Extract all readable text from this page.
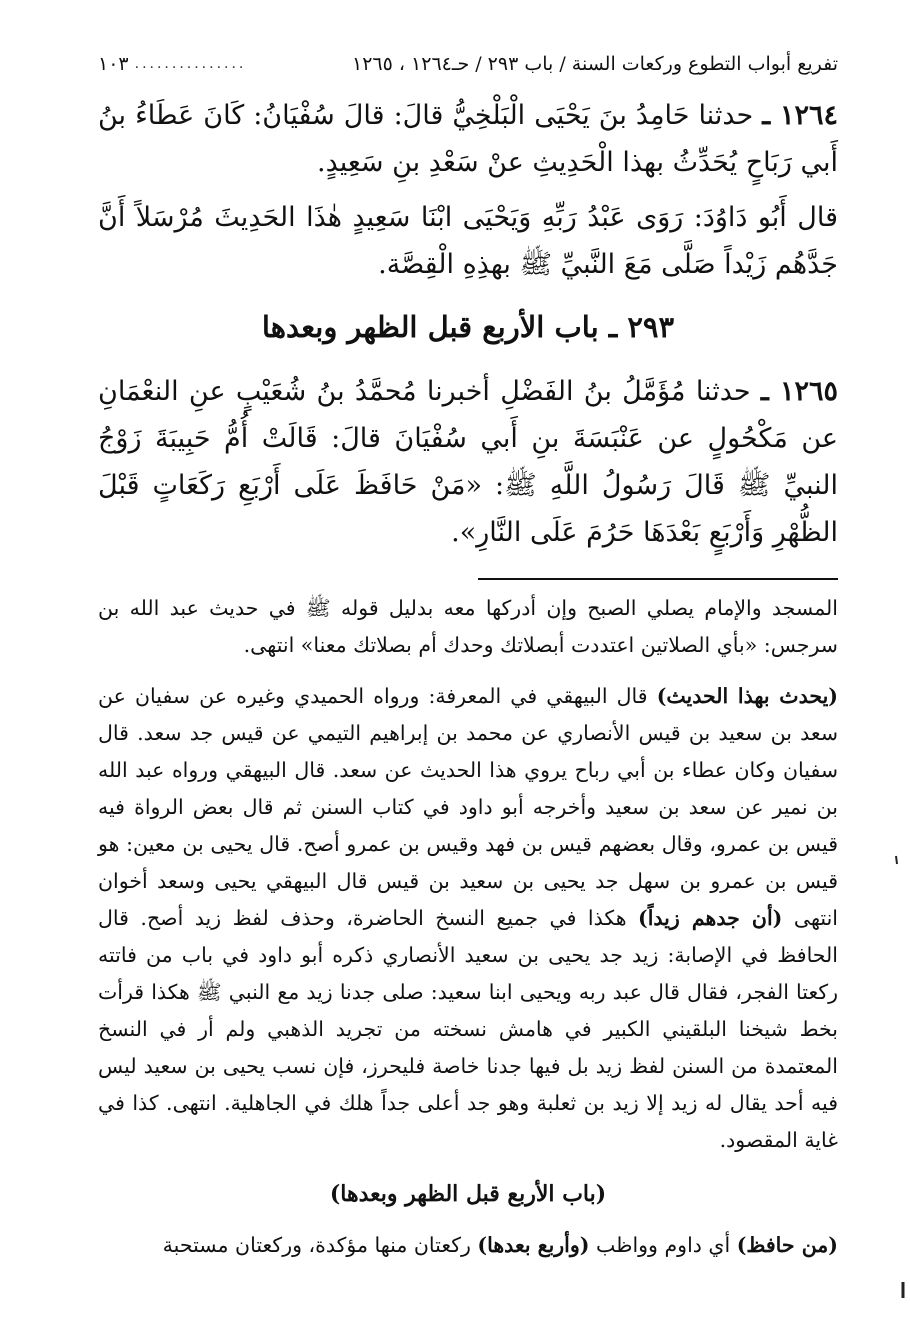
تفريع أبواب التطوع وركعات السنة / باب ٢٩٣ / حـ١٢٦٤ ، ١٢٦٥
١٠٣ ...............

١٢٦٤ ـ حدثنا حَامِدُ بنَ يَحْيَى الْبَلْخِيُّ قالَ: قالَ سُفْيَانُ: كَانَ عَطَاءُ بنُ أَبي رَبَاحٍ يُحَدِّثُ بهذا الْحَدِيثِ عنْ سَعْدِ بنِ سَعِيدٍ.

قال أَبُو دَاوُدَ: رَوَى عَبْدُ رَبِّهِ وَيَحْيَى ابْنَا سَعِيدٍ هٰذَا الحَدِيثَ مُرْسَلاً أَنَّ جَدَّهُم زَيْداً صَلَّى مَعَ النَّبيِّ ﷺ بهذِهِ الْقِصَّة.

٢٩٣ ـ باب الأربع قبل الظهر وبعدها

١٢٦٥ ـ حدثنا مُؤَمَّلُ بنُ الفَضْلِ أخبرنا مُحمَّدُ بنُ شُعَيْبٍ عنِ النعْمَانِ عن مَكْحُولٍ عن عَنْبَسَةَ بنِ أَبي سُفْيَانَ قالَ: قَالَتْ أُمُّ حَبِيبَةَ زَوْجُ النبيِّ ﷺ قَالَ رَسُولُ اللَّهِ ﷺ: «مَنْ حَافَظَ عَلَى أَرْبَعِ رَكَعَاتٍ قَبْلَ الظُّهْرِ وَأَرْبَعٍ بَعْدَهَا حَرُمَ عَلَى النَّارِ».

المسجد والإمام يصلي الصبح وإن أدركها معه بدليل قوله ﷺ في حديث عبد الله بن سرجس: «بأي الصلاتين اعتددت أبصلاتك وحدك أم بصلاتك معنا» انتهى.

(يحدث بهذا الحديث) قال البيهقي في المعرفة: ورواه الحميدي وغيره عن سفيان عن سعد بن سعيد بن قيس الأنصاري عن محمد بن إبراهيم التيمي عن قيس جد سعد. قال سفيان وكان عطاء بن أبي رباح يروي هذا الحديث عن سعد. قال البيهقي ورواه عبد الله بن نمير عن سعد بن سعيد وأخرجه أبو داود في كتاب السنن ثم قال بعض الرواة فيه قيس بن عمرو، وقال بعضهم قيس بن فهد وقيس بن عمرو أصح. قال يحيى بن معين: هو قيس بن عمرو بن سهل جد يحيى بن سعيد بن قيس قال البيهقي يحيى وسعد أخوان انتهى (أن جدهم زيداً) هكذا في جميع النسخ الحاضرة، وحذف لفظ زيد أصح. قال الحافظ في الإصابة: زيد جد يحيى بن سعيد الأنصاري ذكره أبو داود في باب من فاتته ركعتا الفجر، فقال قال عبد ربه ويحيى ابنا سعيد: صلى جدنا زيد مع النبي ﷺ هكذا قرأت بخط شيخنا البلقيني الكبير في هامش نسخته من تجريد الذهبي ولم أر في النسخ المعتمدة من السنن لفظ زيد بل فيها جدنا خاصة فليحرز، فإن نسب يحيى بن سعيد ليس فيه أحد يقال له زيد إلا زيد بن ثعلبة وهو جد أعلى جداً هلك في الجاهلية. انتهى. كذا في غاية المقصود.

(باب الأربع قبل الظهر وبعدها)

(من حافظ) أي داوم وواظب (وأربع بعدها) ركعتان منها مؤكدة، وركعتان مستحبة
